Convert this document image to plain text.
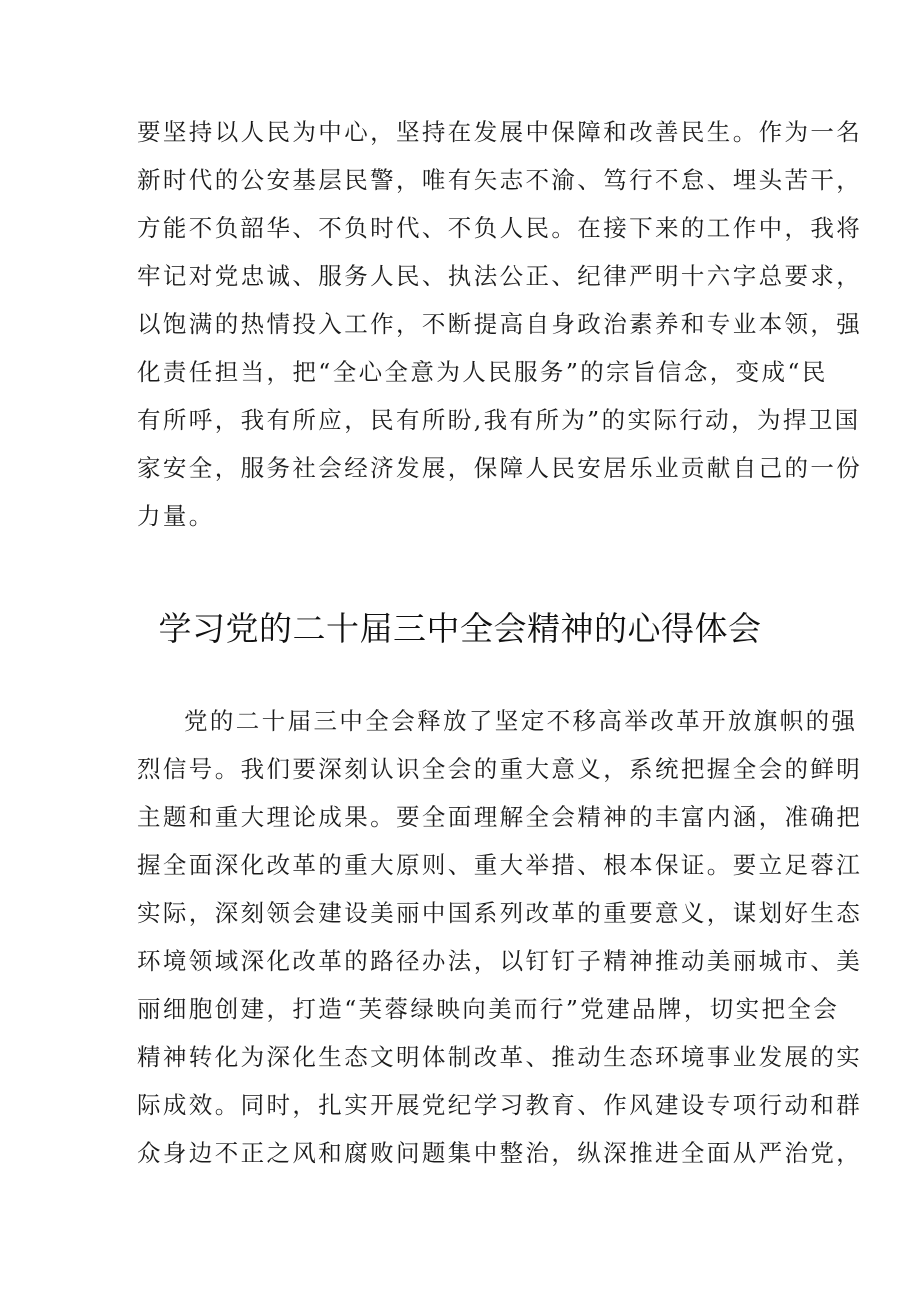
要坚持以人民为中心，坚持在发展中保障和改善民生。作为一名
新时代的公安基层民警，唯有矢志不渝、笃行不怠、埋头苦干，
方能不负韶华、不负时代、不负人民。在接下来的工作中，我将
牢记对党忠诚、服务人民、执法公正、纪律严明十六字总要求，
以饱满的热情投入工作，不断提高自身政治素养和专业本领，强
化责任担当，把“全心全意为人民服务”的宗旨信念，变成“民
有所呼，我有所应，民有所盼,我有所为”的实际行动，为捍卫国
家安全，服务社会经济发展，保障人民安居乐业贡献自己的一份
力量。
学习党的二十届三中全会精神的心得体会
党的二十届三中全会释放了坚定不移高举改革开放旗帜的强
烈信号。我们要深刻认识全会的重大意义，系统把握全会的鲜明
主题和重大理论成果。要全面理解全会精神的丰富内涵，准确把
握全面深化改革的重大原则、重大举措、根本保证。要立足蓉江
实际，深刻领会建设美丽中国系列改革的重要意义，谋划好生态
环境领域深化改革的路径办法，以钉钉子精神推动美丽城市、美
丽细胞创建，打造“芙蓉绿映向美而行”党建品牌，切实把全会
精神转化为深化生态文明体制改革、推动生态环境事业发展的实
际成效。同时，扎实开展党纪学习教育、作风建设专项行动和群
众身边不正之风和腐败问题集中整治，纵深推进全面从严治党，
